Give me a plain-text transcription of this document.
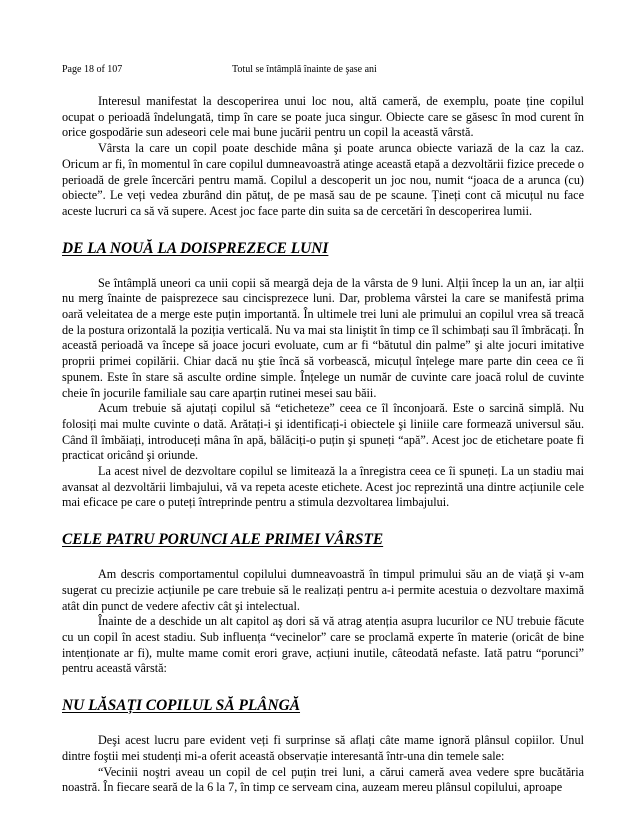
Page 18 of 107	Totul se întâmplă înainte de şase ani

Interesul manifestat la descoperirea unui loc nou, altă cameră, de exemplu, poate ține copilul ocupat o perioadă îndelungată, timp în care se poate juca singur. Obiecte care se găsesc în mod curent în orice gospodărie sun adeseori cele mai bune jucării pentru un copil la această vârstă.

Vârsta la care un copil poate deschide mâna şi poate arunca obiecte variază de la caz la caz. Oricum ar fi, în momentul în care copilul dumneavoastră atinge această etapă a dezvoltării fizice precede o perioadă de grele încercări pentru mamă. Copilul a descoperit un joc nou, numit “joaca de a arunca (cu) obiecte”. Le veți vedea zburând din pătuț, de pe masă sau de pe scaune. Țineți cont că micuțul nu face aceste lucruri ca să vă supere. Acest joc face parte din suita sa de cercetări în descoperirea lumii.

DE LA NOUĂ LA DOISPREZECE LUNI

Se întâmplă uneori ca unii copii să meargă deja de la vârsta de 9 luni. Alții încep la un an, iar alții nu merg înainte de paisprezece sau cincisprezece luni. Dar, problema vârstei la care se manifestă prima oară veleitatea de a merge este puțin importantă. În ultimele trei luni ale primului an copilul vrea să treacă de la postura orizontală la poziția verticală. Nu va mai sta liniştit în timp ce îl schimbați sau îl îmbrăcați. În această perioadă va începe să joace jocuri evoluate, cum ar fi “bătutul din palme” şi alte jocuri imitative proprii primei copilării. Chiar dacă nu ştie încă să vorbească, micuțul înțelege mare parte din ceea ce îi spunem. Este în stare să asculte ordine simple. Înțelege un număr de cuvinte care joacă rolul de cuvinte cheie în jocurile familiale sau care aparțin rutinei mesei sau băii.

Acum trebuie să ajutați copilul să “eticheteze” ceea ce îl înconjoară. Este o sarcină simplă. Nu folosiți mai multe cuvinte o dată. Arătați-i şi identificați-i obiectele şi liniile care formează universul său. Când îl îmbăiați, introduceți mâna în apă, bălăciți-o puțin şi spuneți “apă”. Acest joc de etichetare poate fi practicat oricând şi oriunde.

La acest nivel de dezvoltare copilul se limitează la a înregistra ceea ce îi spuneți. La un stadiu mai avansat al dezvoltării limbajului, vă va repeta aceste etichete. Acest joc reprezintă una dintre acțiunile cele mai eficace pe care o puteți întreprinde pentru a stimula dezvoltarea limbajului.

CELE PATRU PORUNCI ALE PRIMEI VÂRSTE

Am descris comportamentul copilului dumneavoastră în timpul primului său an de viață şi v-am sugerat cu precizie acțiunile pe care trebuie să le realizați pentru a-i permite acestuia o dezvoltare maximă atât din punct de vedere afectiv cât şi intelectual.

Înainte de a deschide un alt capitol aş dori să vă atrag atenția asupra lucurilor ce NU trebuie făcute cu un copil în acest stadiu. Sub influența “vecinelor” care se proclamă experte în materie (oricât de bine intenționate ar fi), multe mame comit erori grave, acțiuni inutile, câteodată nefaste. Iată patru “porunci” pentru această vârstă:

NU LĂSAȚI COPILUL SĂ PLÂNGĂ

Deşi acest lucru pare evident veți fi surprinse să aflați câte mame ignoră plânsul copiilor. Unul dintre foştii mei studenți mi-a oferit această observație interesantă într-una din temele sale:

“Vecinii noştri aveau un copil de cel puțin trei luni, a cărui cameră avea vedere spre bucătăria noastră. În fiecare seară de la 6 la 7, în timp ce serveam cina, auzeam mereu plânsul copilului, aproape
